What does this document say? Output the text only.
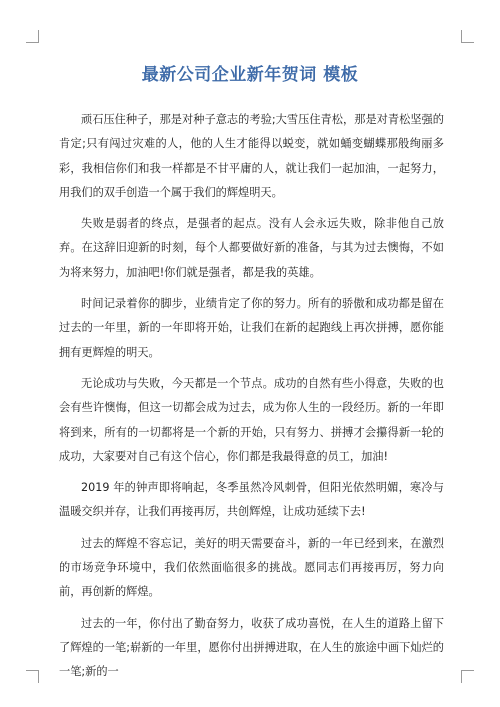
最新公司企业新年贺词 模板

顽石压住种子，那是对种子意志的考验;大雪压住青松，那是对青松坚强的肯定;只有闯过灾难的人，他的人生才能得以蜕变，就如蛹变蝴蝶那般绚丽多彩，我相信你们和我一样都是不甘平庸的人，就让我们一起加油，一起努力，用我们的双手创造一个属于我们的辉煌明天。

失败是弱者的终点，是强者的起点。没有人会永远失败，除非他自己放弃。在这辞旧迎新的时刻，每个人都要做好新的准备，与其为过去懊悔，不如为将来努力，加油吧!你们就是强者，都是我的英雄。

时间记录着你的脚步，业绩肯定了你的努力。所有的骄傲和成功都是留在过去的一年里，新的一年即将开始，让我们在新的起跑线上再次拼搏，愿你能拥有更辉煌的明天。

无论成功与失败，今天都是一个节点。成功的自然有些小得意，失败的也会有些许懊悔，但这一切都会成为过去，成为你人生的一段经历。新的一年即将到来，所有的一切都将是一个新的开始，只有努力、拼搏才会攥得新一轮的成功，大家要对自己有这个信心，你们都是我最得意的员工，加油!

2019 年的钟声即将响起，冬季虽然冷风刺骨，但阳光依然明媚，寒冷与温暖交织并存，让我们再接再厉，共创辉煌，让成功延续下去!

过去的辉煌不容忘记，美好的明天需要奋斗，新的一年已经到来，在激烈的市场竞争环境中，我们依然面临很多的挑战。愿同志们再接再厉，努力向前，再创新的辉煌。

过去的一年，你付出了勤奋努力，收获了成功喜悦，在人生的道路上留下了辉煌的一笔;崭新的一年里，愿你付出拼搏进取，在人生的旅途中画下灿烂的一笔;新的一
